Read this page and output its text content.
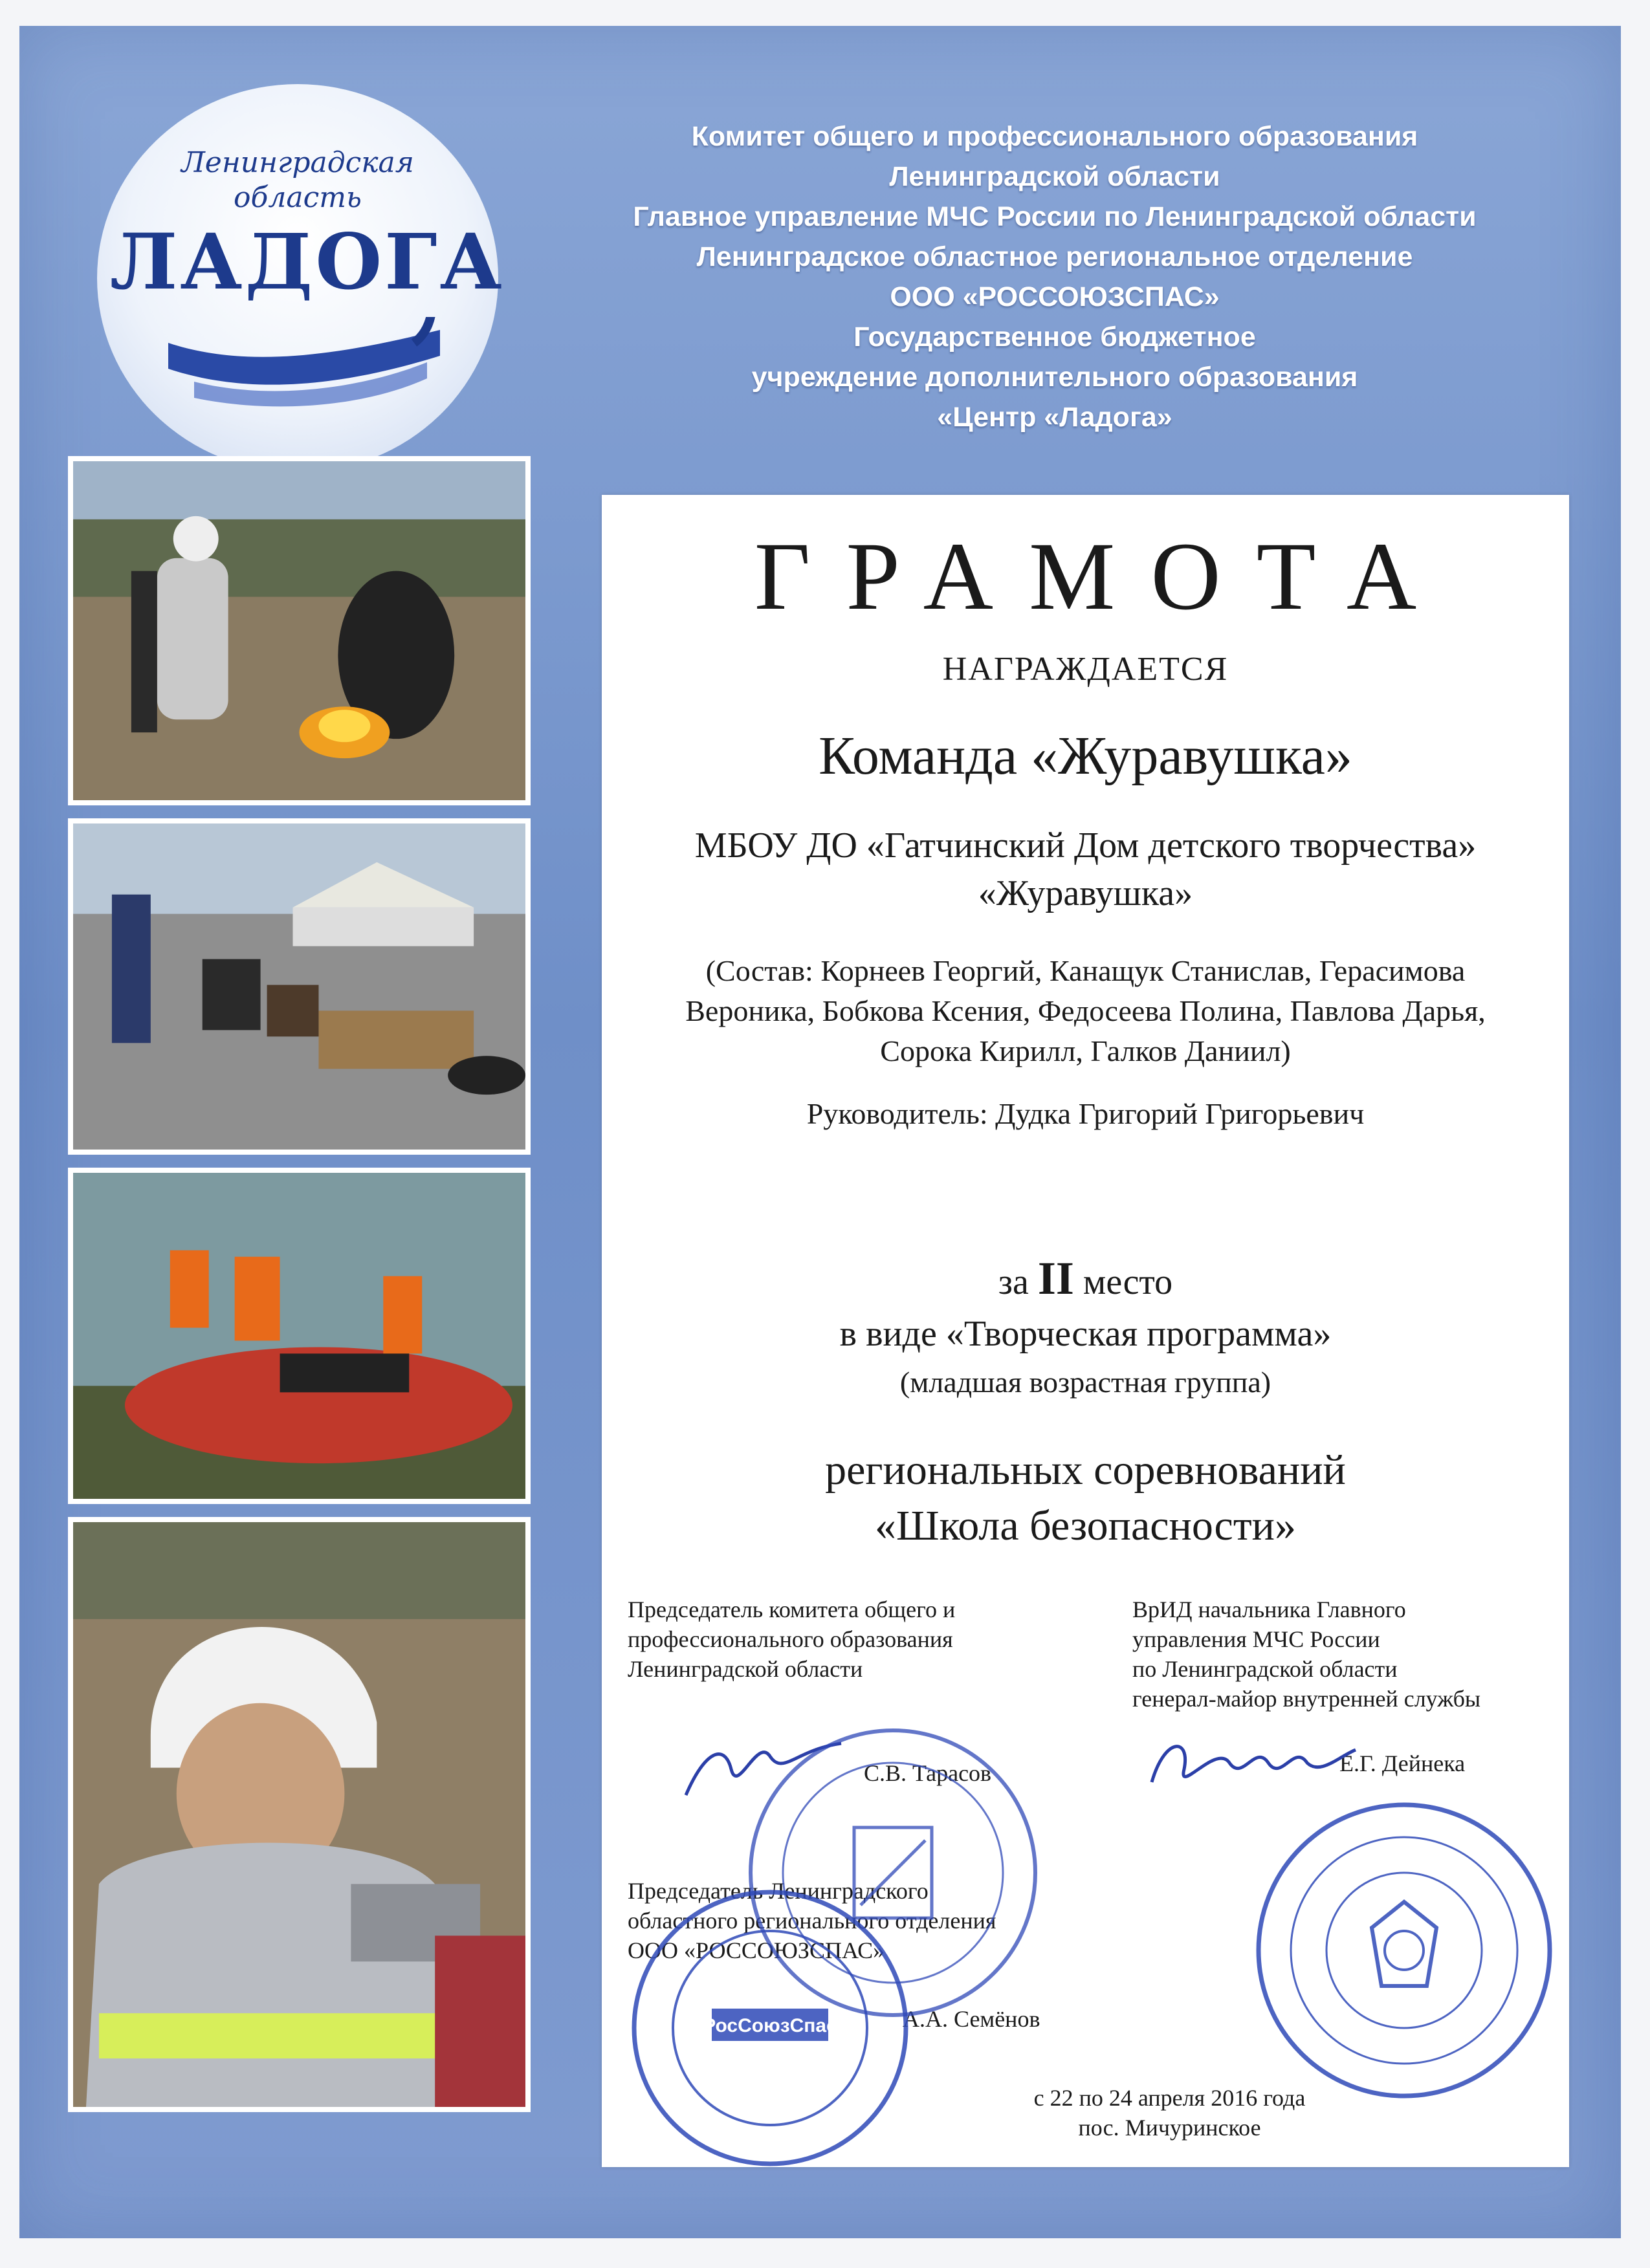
Ленинградская
область
ЛАДОГА
Комитет общего и профессионального образования
Ленинградской области
Главное управление МЧС России по Ленинградской области
Ленинградское областное региональное отделение
ООО «РОССОЮЗСПАС»
Государственное бюджетное
учреждение дополнительного образования
«Центр «Ладога»
ГРАМОТА
НАГРАЖДАЕТСЯ
Команда «Журавушка»
МБОУ ДО «Гатчинский Дом детского творчества»
«Журавушка»
(Состав: Корнеев Георгий, Канащук Станислав, Герасимова
Вероника, Бобкова Ксения, Федосеева Полина, Павлова Дарья,
Сорока Кирилл, Галков Даниил)
Руководитель: Дудка Григорий Григорьевич
за II место
в виде «Творческая программа»
(младшая возрастная группа)
региональных соревнований
«Школа безопасности»
Председатель комитета общего и
профессионального образования
Ленинградской области
С.В. Тарасов
ВрИД начальника Главного
управления МЧС России
по Ленинградской области
генерал-майор внутренней службы
Е.Г. Дейнека
Председатель Ленинградского
областного регионального отделения
ООО «РОССОЮЗСПАС»
А.А. Семёнов
РосСоюзСпас
с 22 по 24 апреля 2016 года
пос. Мичуринское
